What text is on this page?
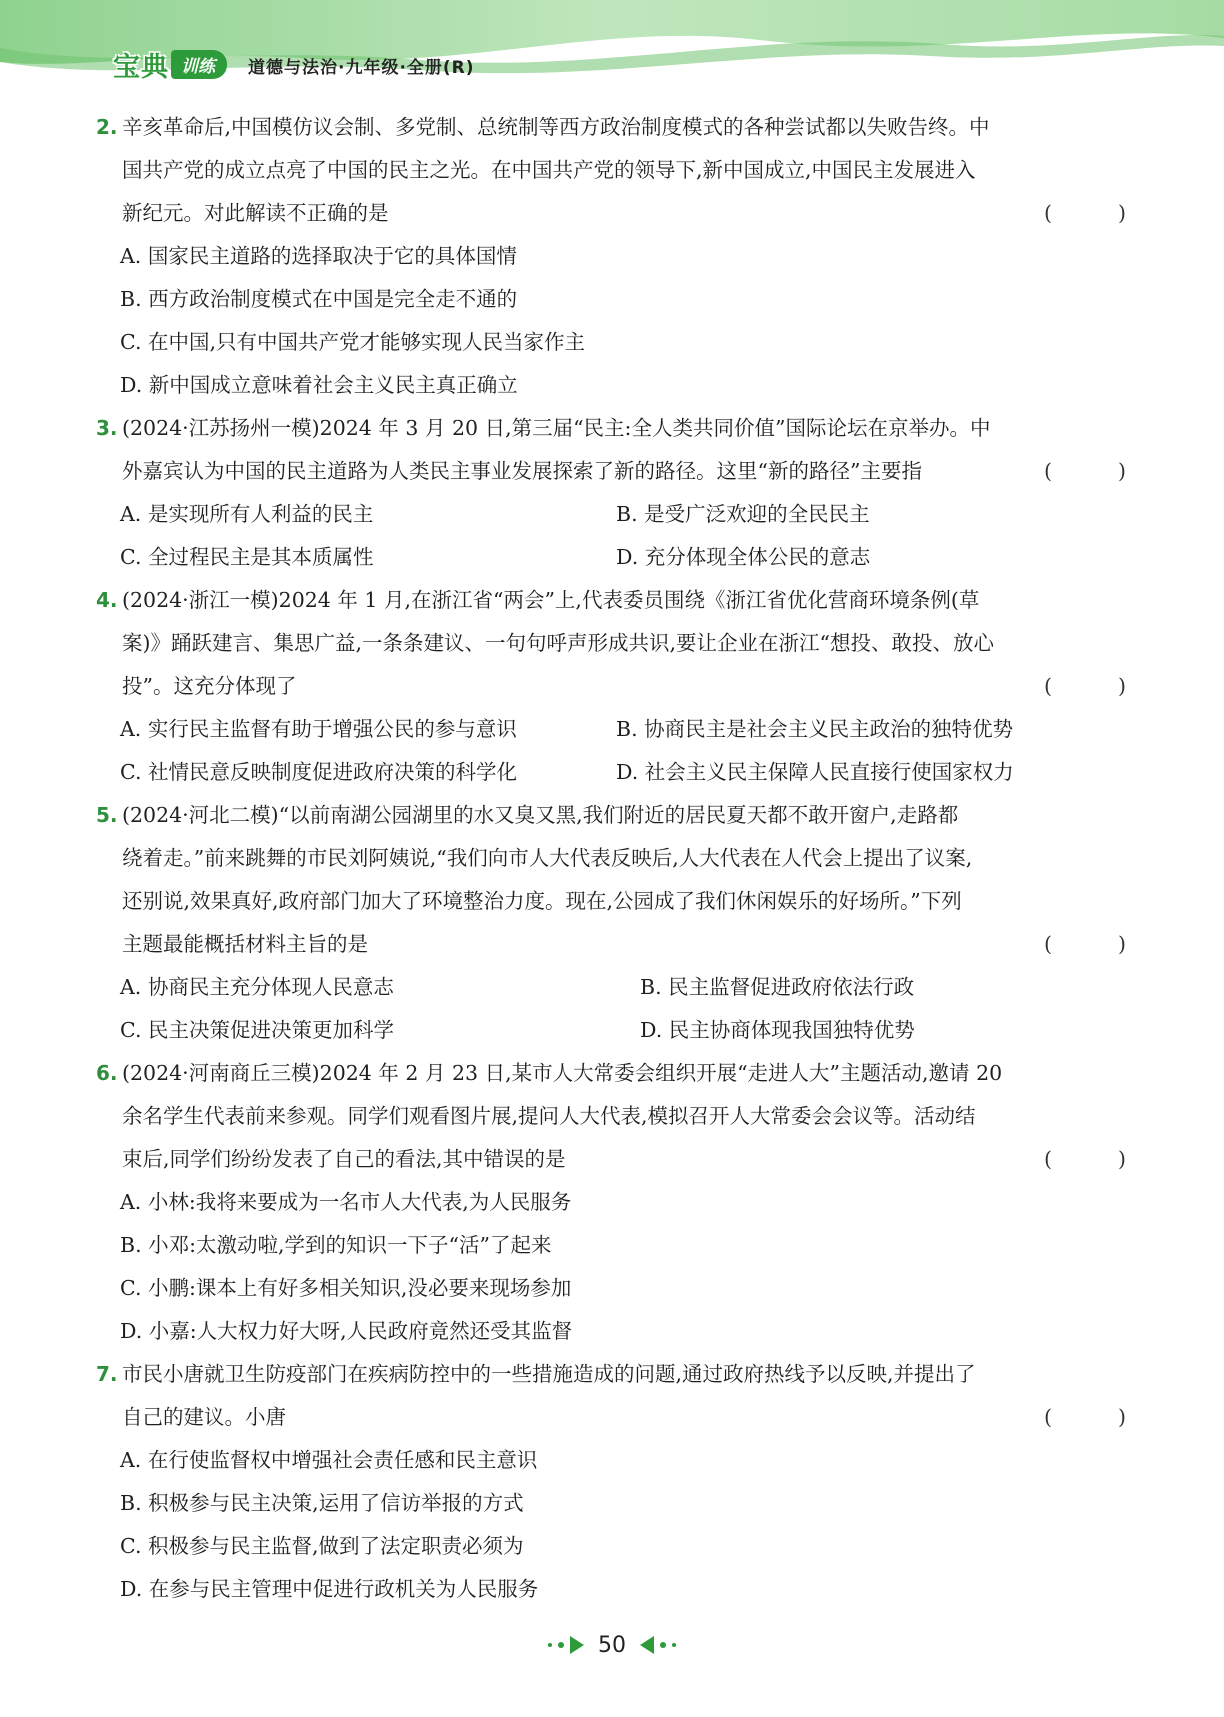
宝典 训练	道德与法治·九年级·全册(R)
2. 辛亥革命后,中国模仿议会制、多党制、总统制等西方政治制度模式的各种尝试都以失败告终。中
国共产党的成立点亮了中国的民主之光。在中国共产党的领导下,新中国成立,中国民主发展进入
新纪元。对此解读不正确的是	(	)
A. 国家民主道路的选择取决于它的具体国情
B. 西方政治制度模式在中国是完全走不通的
C. 在中国,只有中国共产党才能够实现人民当家作主
D. 新中国成立意味着社会主义民主真正确立
3. (2024·江苏扬州一模)2024 年 3 月 20 日,第三届“民主:全人类共同价值”国际论坛在京举办。中
外嘉宾认为中国的民主道路为人类民主事业发展探索了新的路径。这里“新的路径”主要指	(	)
A. 是实现所有人利益的民主	B. 是受广泛欢迎的全民民主
C. 全过程民主是其本质属性	D. 充分体现全体公民的意志
4. (2024·浙江一模)2024 年 1 月,在浙江省“两会”上,代表委员围绕《浙江省优化营商环境条例(草
案)》踊跃建言、集思广益,一条条建议、一句句呼声形成共识,要让企业在浙江“想投、敢投、放心
投”。这充分体现了	(	)
A. 实行民主监督有助于增强公民的参与意识	B. 协商民主是社会主义民主政治的独特优势
C. 社情民意反映制度促进政府决策的科学化	D. 社会主义民主保障人民直接行使国家权力
5. (2024·河北二模)“以前南湖公园湖里的水又臭又黑,我们附近的居民夏天都不敢开窗户,走路都
绕着走。”前来跳舞的市民刘阿姨说,“我们向市人大代表反映后,人大代表在人代会上提出了议案,
还别说,效果真好,政府部门加大了环境整治力度。现在,公园成了我们休闲娱乐的好场所。”下列
主题最能概括材料主旨的是	(	)
A. 协商民主充分体现人民意志	B. 民主监督促进政府依法行政
C. 民主决策促进决策更加科学	D. 民主协商体现我国独特优势
6. (2024·河南商丘三模)2024 年 2 月 23 日,某市人大常委会组织开展“走进人大”主题活动,邀请 20
余名学生代表前来参观。同学们观看图片展,提问人大代表,模拟召开人大常委会会议等。活动结
束后,同学们纷纷发表了自己的看法,其中错误的是	(	)
A. 小林:我将来要成为一名市人大代表,为人民服务
B. 小邓:太激动啦,学到的知识一下子“活”了起来
C. 小鹏:课本上有好多相关知识,没必要来现场参加
D. 小嘉:人大权力好大呀,人民政府竟然还受其监督
7. 市民小唐就卫生防疫部门在疾病防控中的一些措施造成的问题,通过政府热线予以反映,并提出了
自己的建议。小唐	(	)
A. 在行使监督权中增强社会责任感和民主意识
B. 积极参与民主决策,运用了信访举报的方式
C. 积极参与民主监督,做到了法定职责必须为
D. 在参与民主管理中促进行政机关为人民服务
50
